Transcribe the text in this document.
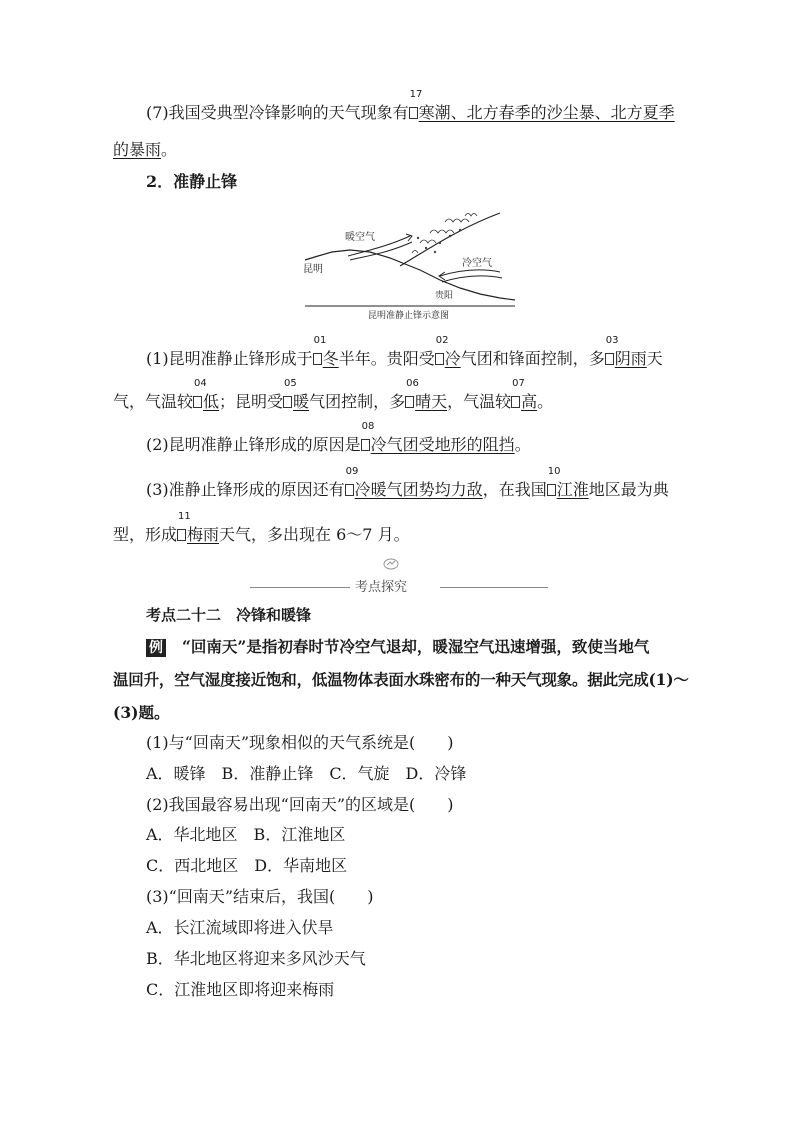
(7)我国受典型冷锋影响的天气现象有
17
寒潮、北方春季的沙尘暴、北方夏季
的暴雨。
2．准静止锋
暖空气
冷空气
昆明
贵阳
昆明准静止锋示意图
(1)昆明准静止锋形成于
01
冬半年。贵阳受
02
冷气团和锋面控制，多
03
阴雨天
气，气温较
04
低；昆明受
05
暖气团控制，多
06
晴天，气温较
07
高。
(2)昆明准静止锋形成的原因是
08
冷气团受地形的阻挡。
(3)准静止锋形成的原因还有
09
冷暖气团势均力敌，在我国
10
江淮地区最为典
型，形成
11
梅雨天气，多出现在 6～7 月。
考点探究
考点二十二　冷锋和暖锋
例 “回南天”是指初春时节冷空气退却，暖湿空气迅速增强，致使当地气
温回升，空气湿度接近饱和，低温物体表面水珠密布的一种天气现象。据此完成(1)～
(3)题。
(1)与“回南天”现象相似的天气系统是(　　)
A．暖锋　B．准静止锋　C．气旋　D．冷锋
(2)我国最容易出现“回南天”的区域是(　　)
A．华北地区　B．江淮地区
C．西北地区　D．华南地区
(3)“回南天”结束后，我国(　　)
A．长江流域即将进入伏旱
B．华北地区将迎来多风沙天气
C．江淮地区即将迎来梅雨
